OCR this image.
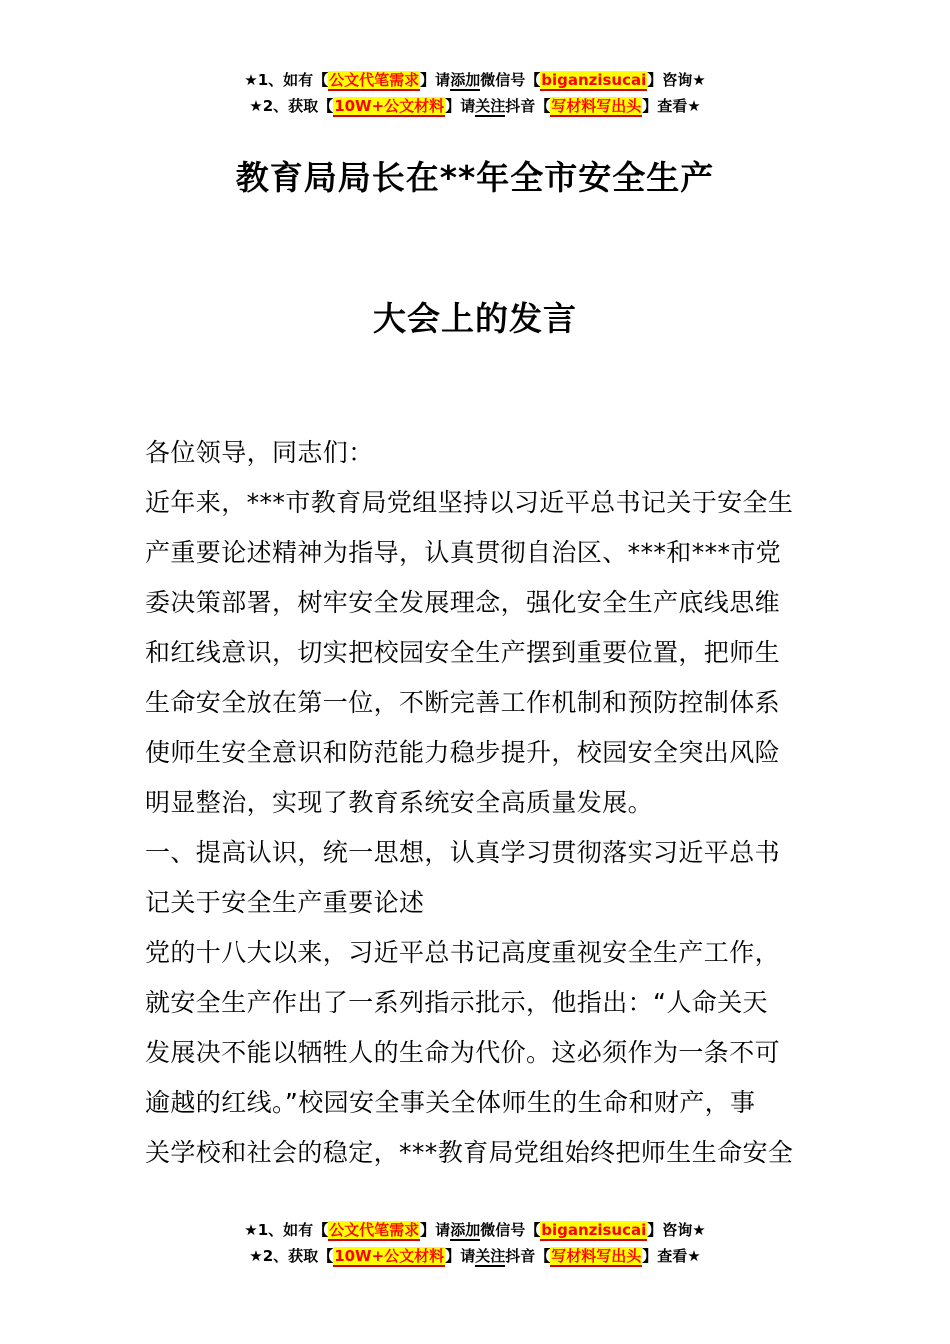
★1、如有【公文代笔需求】请添加微信号【biganzisucai】咨询★
★2、获取【10W+公文材料】请关注抖音【写材料写出头】查看★
教育局局长在**年全市安全生产
大会上的发言
各位领导，同志们：
近年来，***市教育局党组坚持以习近平总书记关于安全生
产重要论述精神为指导，认真贯彻自治区、***和***市党
委决策部署，树牢安全发展理念，强化安全生产底线思维
和红线意识，切实把校园安全生产摆到重要位置，把师生
生命安全放在第一位，不断完善工作机制和预防控制体系
使师生安全意识和防范能力稳步提升，校园安全突出风险
明显整治，实现了教育系统安全高质量发展。
一、提高认识，统一思想，认真学习贯彻落实习近平总书
记关于安全生产重要论述
党的十八大以来，习近平总书记高度重视安全生产工作，
就安全生产作出了一系列指示批示，他指出：“人命关天
发展决不能以牺牲人的生命为代价。这必须作为一条不可
逾越的红线。”校园安全事关全体师生的生命和财产，事
关学校和社会的稳定，***教育局党组始终把师生生命安全
★1、如有【公文代笔需求】请添加微信号【biganzisucai】咨询★
★2、获取【10W+公文材料】请关注抖音【写材料写出头】查看★
